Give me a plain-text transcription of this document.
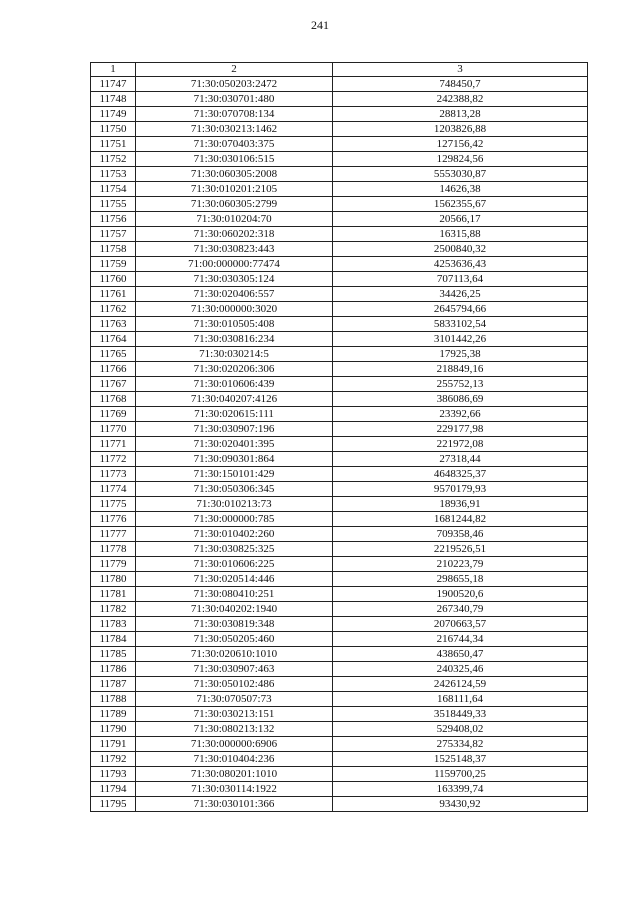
241
1	2	3
11747	71:30:050203:2472	748450,7
11748	71:30:030701:480	242388,82
11749	71:30:070708:134	28813,28
11750	71:30:030213:1462	1203826,88
11751	71:30:070403:375	127156,42
11752	71:30:030106:515	129824,56
11753	71:30:060305:2008	5553030,87
11754	71:30:010201:2105	14626,38
11755	71:30:060305:2799	1562355,67
11756	71:30:010204:70	20566,17
11757	71:30:060202:318	16315,88
11758	71:30:030823:443	2500840,32
11759	71:00:000000:77474	4253636,43
11760	71:30:030305:124	707113,64
11761	71:30:020406:557	34426,25
11762	71:30:000000:3020	2645794,66
11763	71:30:010505:408	5833102,54
11764	71:30:030816:234	3101442,26
11765	71:30:030214:5	17925,38
11766	71:30:020206:306	218849,16
11767	71:30:010606:439	255752,13
11768	71:30:040207:4126	386086,69
11769	71:30:020615:111	23392,66
11770	71:30:030907:196	229177,98
11771	71:30:020401:395	221972,08
11772	71:30:090301:864	27318,44
11773	71:30:150101:429	4648325,37
11774	71:30:050306:345	9570179,93
11775	71:30:010213:73	18936,91
11776	71:30:000000:785	1681244,82
11777	71:30:010402:260	709358,46
11778	71:30:030825:325	2219526,51
11779	71:30:010606:225	210223,79
11780	71:30:020514:446	298655,18
11781	71:30:080410:251	1900520,6
11782	71:30:040202:1940	267340,79
11783	71:30:030819:348	2070663,57
11784	71:30:050205:460	216744,34
11785	71:30:020610:1010	438650,47
11786	71:30:030907:463	240325,46
11787	71:30:050102:486	2426124,59
11788	71:30:070507:73	168111,64
11789	71:30:030213:151	3518449,33
11790	71:30:080213:132	529408,02
11791	71:30:000000:6906	275334,82
11792	71:30:010404:236	1525148,37
11793	71:30:080201:1010	1159700,25
11794	71:30:030114:1922	163399,74
11795	71:30:030101:366	93430,92
